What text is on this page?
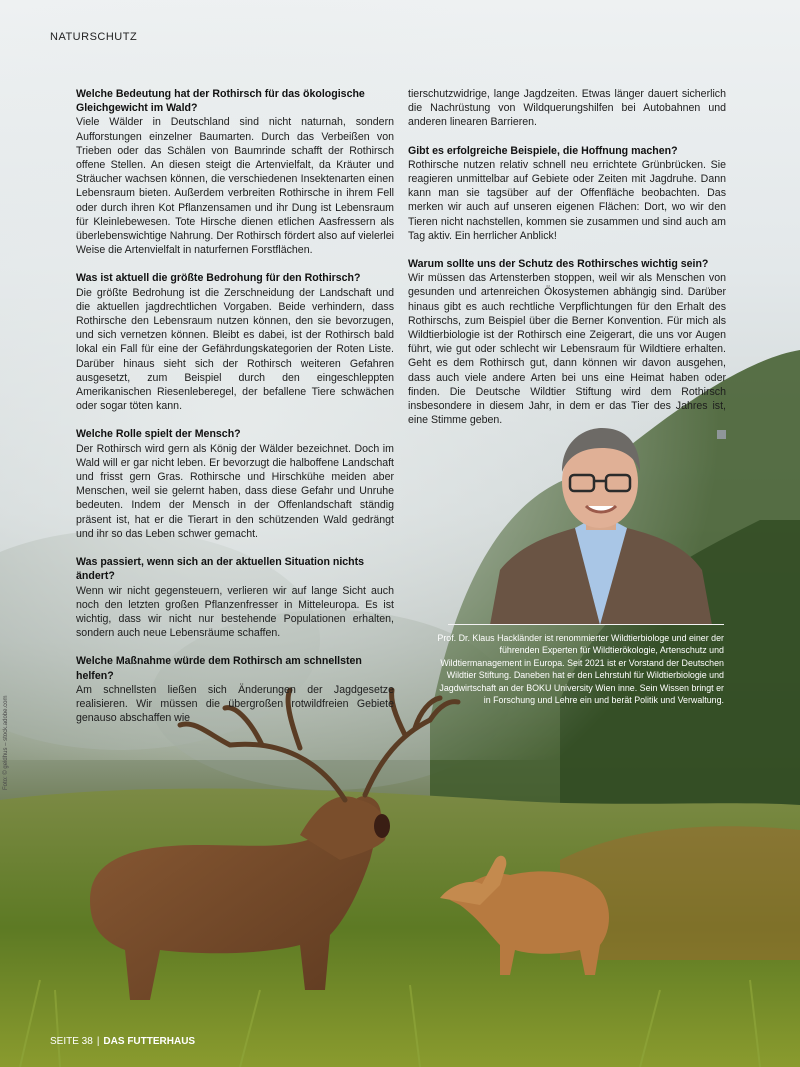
NATURSCHUTZ
Welche Bedeutung hat der Rothirsch für das ökologische Gleichgewicht im Wald?

Viele Wälder in Deutschland sind nicht naturnah, sondern Aufforstungen einzelner Baumarten. Durch das Verbeißen von Trieben oder das Schälen von Baumrinde schafft der Rothirsch offene Stellen. An diesen steigt die Artenvielfalt, da Kräuter und Sträucher wachsen können, die verschiedenen Insektenarten einen Lebensraum bieten. Außerdem verbreiten Rothirsche in ihrem Fell oder durch ihren Kot Pflanzensamen und ihr Dung ist Lebensraum für Kleinlebewesen. Tote Hirsche dienen etlichen Aasfressern als überlebenswichtige Nahrung. Der Rothirsch fördert also auf vielerlei Weise die Artenvielfalt in naturfernen Forstflächen.

Was ist aktuell die größte Bedrohung für den Rothirsch?

Die größte Bedrohung ist die Zerschneidung der Landschaft und die aktuellen jagdrechtlichen Vorgaben. Beide verhindern, dass Rothirsche den Lebensraum nutzen können, den sie bevorzugen, und sich vernetzen können. Bleibt es dabei, ist der Rothirsch bald lokal ein Fall für eine der Gefährdungskategorien der Roten Liste. Darüber hinaus sieht sich der Rothirsch weiteren Gefahren ausgesetzt, zum Beispiel durch den eingeschleppten Amerikanischen Riesenleberegel, der befallene Tiere schwächen oder sogar töten kann.

Welche Rolle spielt der Mensch?

Der Rothirsch wird gern als König der Wälder bezeichnet. Doch im Wald will er gar nicht leben. Er bevorzugt die halboffene Landschaft und frisst gern Gras. Rothirsche und Hirschkühe meiden aber Menschen, weil sie gelernt haben, dass diese Gefahr und Unruhe bedeuten. Indem der Mensch in der Offenlandschaft ständig präsent ist, hat er die Tierart in den schützenden Wald gedrängt und ihr so das Leben schwer gemacht.

Was passiert, wenn sich an der aktuellen Situation nichts ändert?

Wenn wir nicht gegensteuern, verlieren wir auf lange Sicht auch noch den letzten großen Pflanzenfresser in Mitteleuropa. Es ist wichtig, dass wir nicht nur bestehende Populationen erhalten, sondern auch neue Lebensräume schaffen.

Welche Maßnahme würde dem Rothirsch am schnellsten helfen?

Am schnellsten ließen sich Änderungen der Jagdgesetze realisieren. Wir müssen die übergroßen rotwildfreien Gebiete genauso abschaffen wie

tierschutzwidrige, lange Jagdzeiten. Etwas länger dauert sicherlich die Nachrüstung von Wildquerungshilfen bei Autobahnen und anderen linearen Barrieren.

Gibt es erfolgreiche Beispiele, die Hoffnung machen?

Rothirsche nutzen relativ schnell neu errichtete Grünbrücken. Sie reagieren unmittelbar auf Gebiete oder Zeiten mit Jagdruhe. Dann kann man sie tagsüber auf der Offenfläche beobachten. Das merken wir auch auf unseren eigenen Flächen: Dort, wo wir den Tieren nicht nachstellen, kommen sie zusammen und sind auch am Tag aktiv. Ein herrlicher Anblick!

Warum sollte uns der Schutz des Rothirsches wichtig sein?

Wir müssen das Artensterben stoppen, weil wir als Menschen von gesunden und artenreichen Ökosystemen abhängig sind. Darüber hinaus gibt es auch rechtliche Verpflichtungen für den Erhalt des Rothirschs, zum Beispiel über die Berner Konvention. Für mich als Wildtierbiologie ist der Rothirsch eine Zeigerart, die uns vor Augen führt, wie gut oder schlecht wir Lebensraum für Wildtiere erhalten. Geht es dem Rothirsch gut, dann können wir davon ausgehen, dass auch viele andere Arten bei uns eine Heimat haben oder finden. Die Deutsche Wildtier Stiftung wird dem Rothirsch insbesondere in diesem Jahr, in dem er das Tier des Jahres ist, eine Stimme geben.

Prof. Dr. Klaus Hackländer ist renommierter Wildtierbiologe und einer der führenden Experten für Wildtierökologie, Artenschutz und Wildtiermanagement in Europa. Seit 2021 ist er Vorstand der Deutschen Wildtier Stiftung. Daneben hat er den Lehrstuhl für Wildtierbiologie und Jagdwirtschaft an der BOKU University Wien inne. Sein Wissen bringt er in Forschung und Lehre ein und berät Politik und Verwaltung.
Foto: © geldhus – stock.adobe.com
SEITE 38 | DAS FUTTERHAUS
